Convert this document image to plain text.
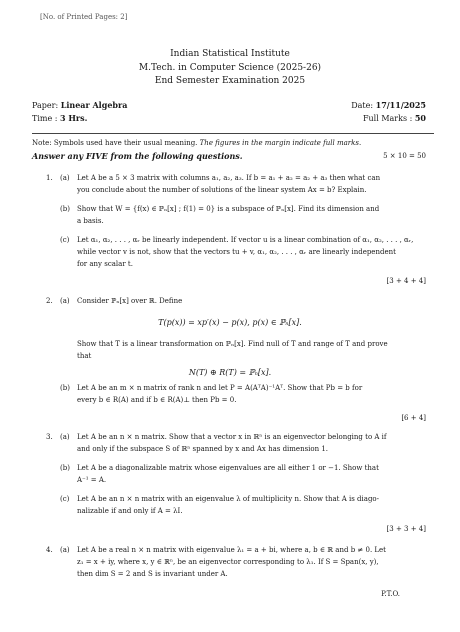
[No. of Printed Pages: 2]
Indian Statistical Institute
M.Tech. in Computer Science (2025-26)
End Semester Examination 2025
Paper: Linear Algebra
Time : 3 Hrs.
Date: 17/11/2025
Full Marks : 50
Note: Symbols used have their usual meaning. The figures in the margin indicate full marks.
Answer any FIVE from the following questions.	5 × 10 = 50
1. (a) Let A be a 5 × 3 matrix with columns a₁, a₂, a₃. If b = a₁ + a₂ = a₂ + a₃ then what can
you conclude about the number of solutions of the linear system Ax = b? Explain.
(b) Show that W = {f(x) ∈ ℙₙ[x] ; f(1) = 0} is a subspace of ℙₙ[x]. Find its dimension and
a basis.
(c) Let α₁, α₂, . . . , αᵣ be linearly independent. If vector u is a linear combination of α₁, α₂, . . . , αᵣ,
while vector v is not, show that the vectors tu + v, α₁, α₂, . . . , αᵣ are linearly independent
for any scalar t.
[3 + 4 + 4]
2. (a) Consider ℙₙ[x] over ℝ. Define
T(p(x)) = xp′(x) − p(x), p(x) ∈ ℙₙ[x].
Show that T is a linear transformation on ℙₙ[x]. Find null of T and range of T and prove
that
N(T) ⊕ R(T) = ℙₙ[x].
(b) Let A be an m × n matrix of rank n and let P = A(AᵀA)⁻¹Aᵀ. Show that Pb = b for
every b ∈ R(A) and if b ∈ R(A)⊥ then Pb = 0.
[6 + 4]
3. (a) Let A be an n × n matrix. Show that a vector x in ℝⁿ is an eigenvector belonging to A if
and only if the subspace S of ℝⁿ spanned by x and Ax has dimension 1.
(b) Let A be a diagonalizable matrix whose eigenvalues are all either 1 or −1. Show that
A⁻¹ = A.
(c) Let A be an n × n matrix with an eigenvalue λ of multiplicity n. Show that A is diago-
nalizable if and only if A = λI.
[3 + 3 + 4]
4. (a) Let A be a real n × n matrix with eigenvalue λ₁ = a + bi, where a, b ∈ ℝ and b ≠ 0. Let
z₁ = x + iy, where x, y ∈ ℝⁿ, be an eigenvector corresponding to λ₁. If S = Span(x, y),
then dim S = 2 and S is invariant under A.
P.T.O.
